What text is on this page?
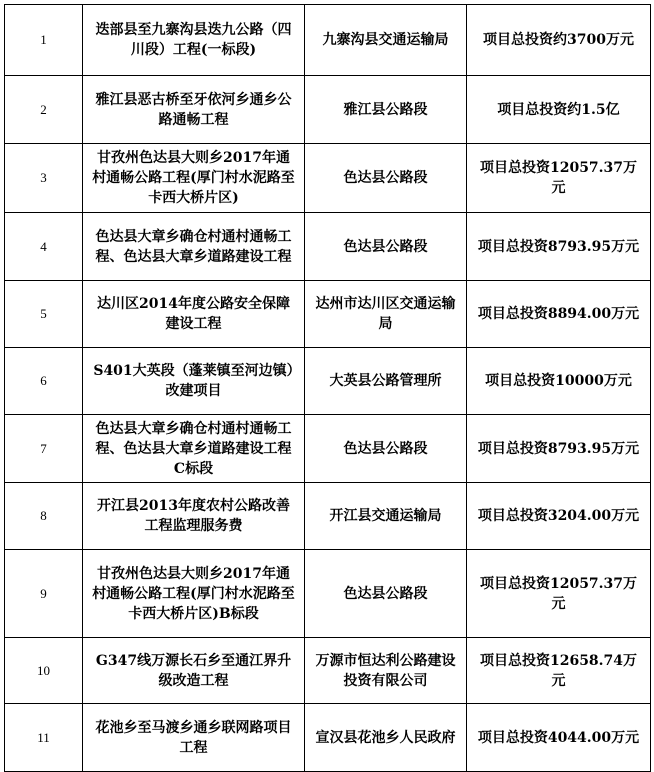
1	迭部县至九寨沟县迭九公路（四川段）工程(一标段)	九寨沟县交通运输局	项目总投资约3700万元
2	雅江县恶古桥至牙依河乡通乡公路通畅工程	雅江县公路段	项目总投资约1.5亿
3	甘孜州色达县大则乡2017年通村通畅公路工程(厚门村水泥路至卡西大桥片区)	色达县公路段	项目总投资12057.37万元
4	色达县大章乡确仓村通村通畅工程、色达县大章乡道路建设工程	色达县公路段	项目总投资8793.95万元
5	达川区2014年度公路安全保障建设工程	达州市达川区交通运输局	项目总投资8894.00万元
6	S401大英段（蓬莱镇至河边镇）改建项目	大英县公路管理所	项目总投资10000万元
7	色达县大章乡确仓村通村通畅工程、色达县大章乡道路建设工程C标段	色达县公路段	项目总投资8793.95万元
8	开江县2013年度农村公路改善工程监理服务费	开江县交通运输局	项目总投资3204.00万元
9	甘孜州色达县大则乡2017年通村通畅公路工程(厚门村水泥路至卡西大桥片区)B标段	色达县公路段	项目总投资12057.37万元
10	G347线万源长石乡至通江界升级改造工程	万源市恒达利公路建设投资有限公司	项目总投资12658.74万元
11	花池乡至马渡乡通乡联网路项目工程	宣汉县花池乡人民政府	项目总投资4044.00万元
